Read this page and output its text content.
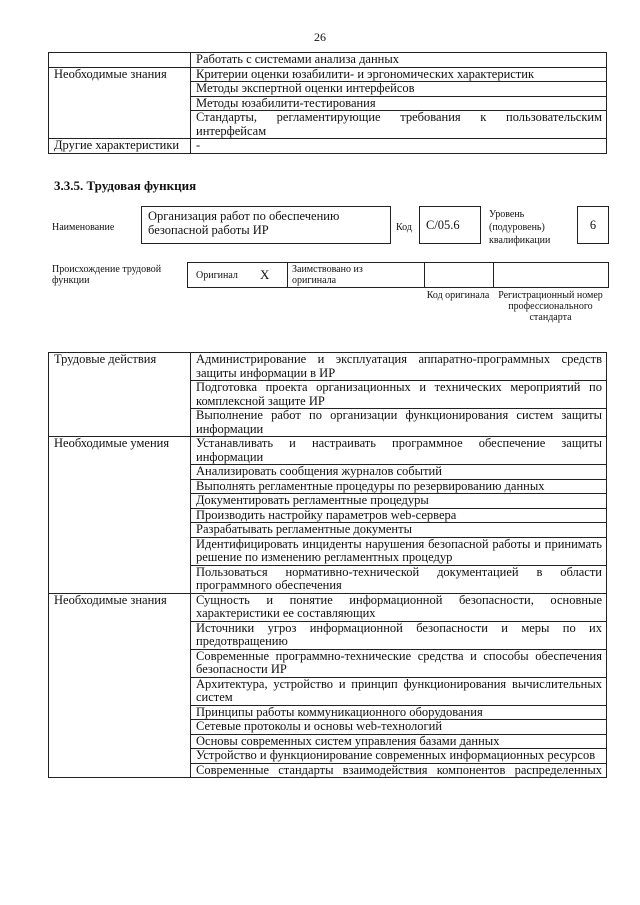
26
	Работать с системами анализа данных
Необходимые знания	Критерии оценки юзабилити- и эргономических характеристик
	Методы экспертной оценки интерфейсов
	Методы юзабилити-тестирования
	Стандарты, регламентирующие требования к пользовательским интерфейсам
Другие характеристики	-
3.3.5. Трудовая функция
Наименование
Организация работ по обеспечению безопасной работы ИР	Код	С/05.6
Уровень (подуровень) квалификации
6
Происхождение трудовой функции	Оригинал X Заимствовано из оригинала
Код оригинала Регистрационный номер профессионального стандарта
Трудовые действия	Администрирование и эксплуатация аппаратно-программных средств защиты информации в ИР
	Подготовка проекта организационных и технических мероприятий по комплексной защите ИР
	Выполнение работ по организации функционирования систем защиты информации
Необходимые умения	Устанавливать и настраивать программное обеспечение защиты информации
	Анализировать сообщения журналов событий
	Выполнять регламентные процедуры по резервированию данных
	Документировать регламентные процедуры
	Производить настройку параметров web-сервера
	Разрабатывать регламентные документы
	Идентифицировать инциденты нарушения безопасной работы и принимать решение по изменению регламентных процедур
	Пользоваться нормативно-технической документацией в области программного обеспечения
Необходимые знания	Сущность и понятие информационной безопасности, основные характеристики ее составляющих
	Источники угроз информационной безопасности и меры по их предотвращению
	Современные программно-технические средства и способы обеспечения безопасности ИР
	Архитектура, устройство и принцип функционирования вычислительных систем
	Принципы работы коммуникационного оборудования
	Сетевые протоколы и основы web-технологий
	Основы современных систем управления базами данных
	Устройство и функционирование современных информационных ресурсов
	Современные стандарты взаимодействия компонентов распределенных
